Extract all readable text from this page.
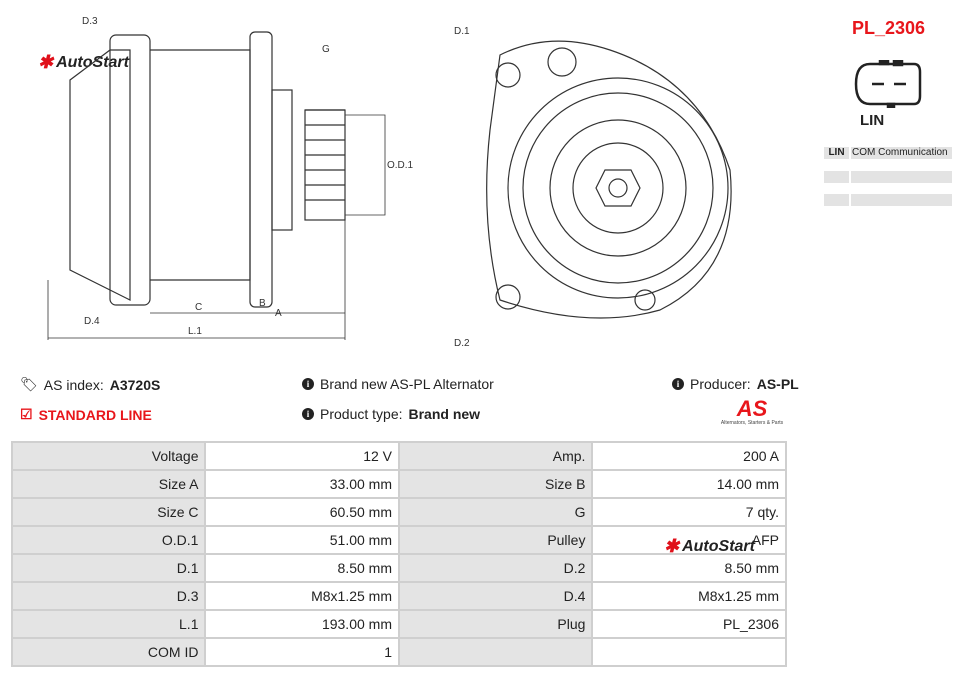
✱ AutoStart
D.3
G
O.D.1
D.4
C	B
A
L.1
D.1
D.2
PL_2306
LIN
LIN COM Communication
🏷 AS index: A3720S
☑ STANDARD LINE
i Brand new AS-PL Alternator
i Product type: Brand new
i Producer: AS-PL
AS
Alternators, Starters & Parts
Voltage	12 V	Amp.	200 A
Size A	33.00 mm	Size B	14.00 mm
Size C	60.50 mm	G	7 qty.
O.D.1	51.00 mm	Pulley	AFP
D.1	8.50 mm	D.2	8.50 mm
D.3	M8x1.25 mm	D.4	M8x1.25 mm
L.1	193.00 mm	Plug	PL_2306
COM ID	1		
✱ AutoStart
